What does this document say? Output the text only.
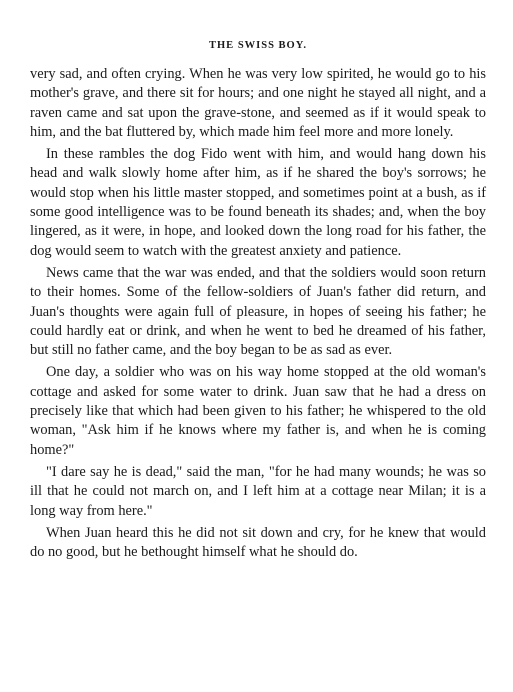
THE SWISS BOY.

very sad, and often crying. When he was very low spirited, he would go to his mother's grave, and there sit for hours; and one night he stayed all night, and a raven came and sat upon the grave-stone, and seemed as if it would speak to him, and the bat fluttered by, which made him feel more and more lonely.

In these rambles the dog Fido went with him, and would hang down his head and walk slowly home after him, as if he shared the boy's sorrows; he would stop when his little master stopped, and sometimes point at a bush, as if some good intelligence was to be found beneath its shades; and, when the boy lingered, as it were, in hope, and looked down the long road for his father, the dog would seem to watch with the greatest anxiety and patience.

News came that the war was ended, and that the soldiers would soon return to their homes. Some of the fellow-soldiers of Juan's father did return, and Juan's thoughts were again full of pleasure, in hopes of seeing his father; he could hardly eat or drink, and when he went to bed he dreamed of his father, but still no father came, and the boy began to be as sad as ever.

One day, a soldier who was on his way home stopped at the old woman's cottage and asked for some water to drink. Juan saw that he had a dress on precisely like that which had been given to his father; he whispered to the old woman, "Ask him if he knows where my father is, and when he is coming home?"

"I dare say he is dead," said the man, "for he had many wounds; he was so ill that he could not march on, and I left him at a cottage near Milan; it is a long way from here."

When Juan heard this he did not sit down and cry, for he knew that would do no good, but he bethought himself what he should do.
